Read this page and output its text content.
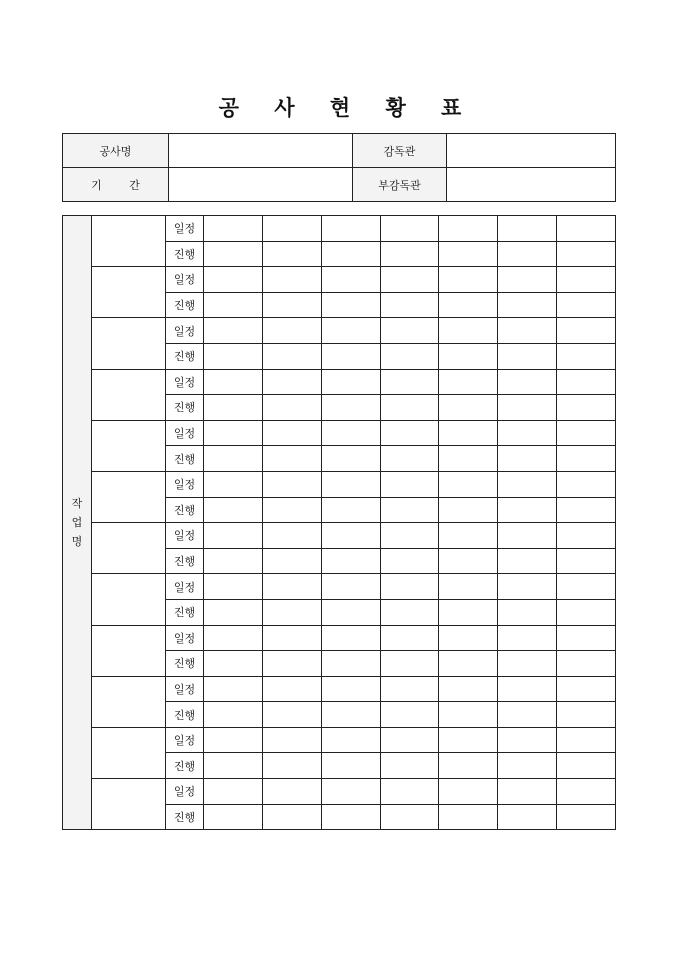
공 사 현 황 표
공사명		감독관	
기 간		부감독관	
작업명		일정							
		진행							
		일정							
		진행							
		일정							
		진행							
		일정							
		진행							
		일정							
		진행							
		일정							
		진행							
		일정							
		진행							
		일정							
		진행							
		일정							
		진행							
		일정							
		진행							
		일정							
		진행							
		일정							
		진행							
